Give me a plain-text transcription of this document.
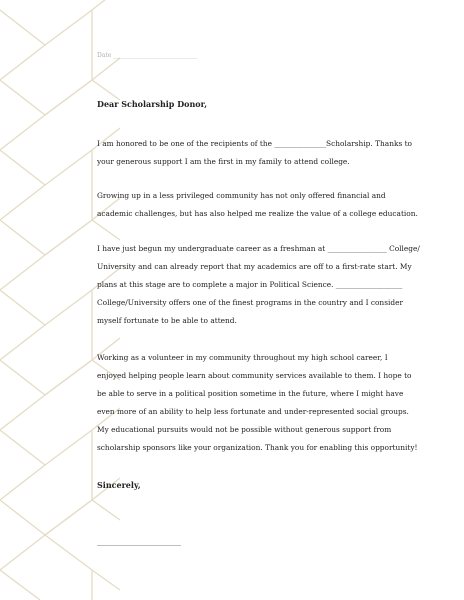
Date ____________________________
Dear Scholarship Donor,
I am honored to be one of the recipients of the ______________Scholarship. Thanks to
your generous support I am the first in my family to attend college.
Growing up in a less privileged community has not only offered financial and
academic challenges, but has also helped me realize the value of a college education.
I have just begun my undergraduate career as a freshman at ________________ College/
University and can already report that my academics are off to a first-rate start. My
plans at this stage are to complete a major in Political Science. __________________
College/University offers one of the finest programs in the country and I consider
myself fortunate to be able to attend.
Working as a volunteer in my community throughout my high school career, I
enjoyed helping people learn about community services available to them. I hope to
be able to serve in a political position sometime in the future, where I might have
even more of an ability to help less fortunate and under-represented social groups.
My educational pursuits would not be possible without generous support from
scholarship sponsors like your organization. Thank you for enabling this opportunity!
Sincerely,
________________________
